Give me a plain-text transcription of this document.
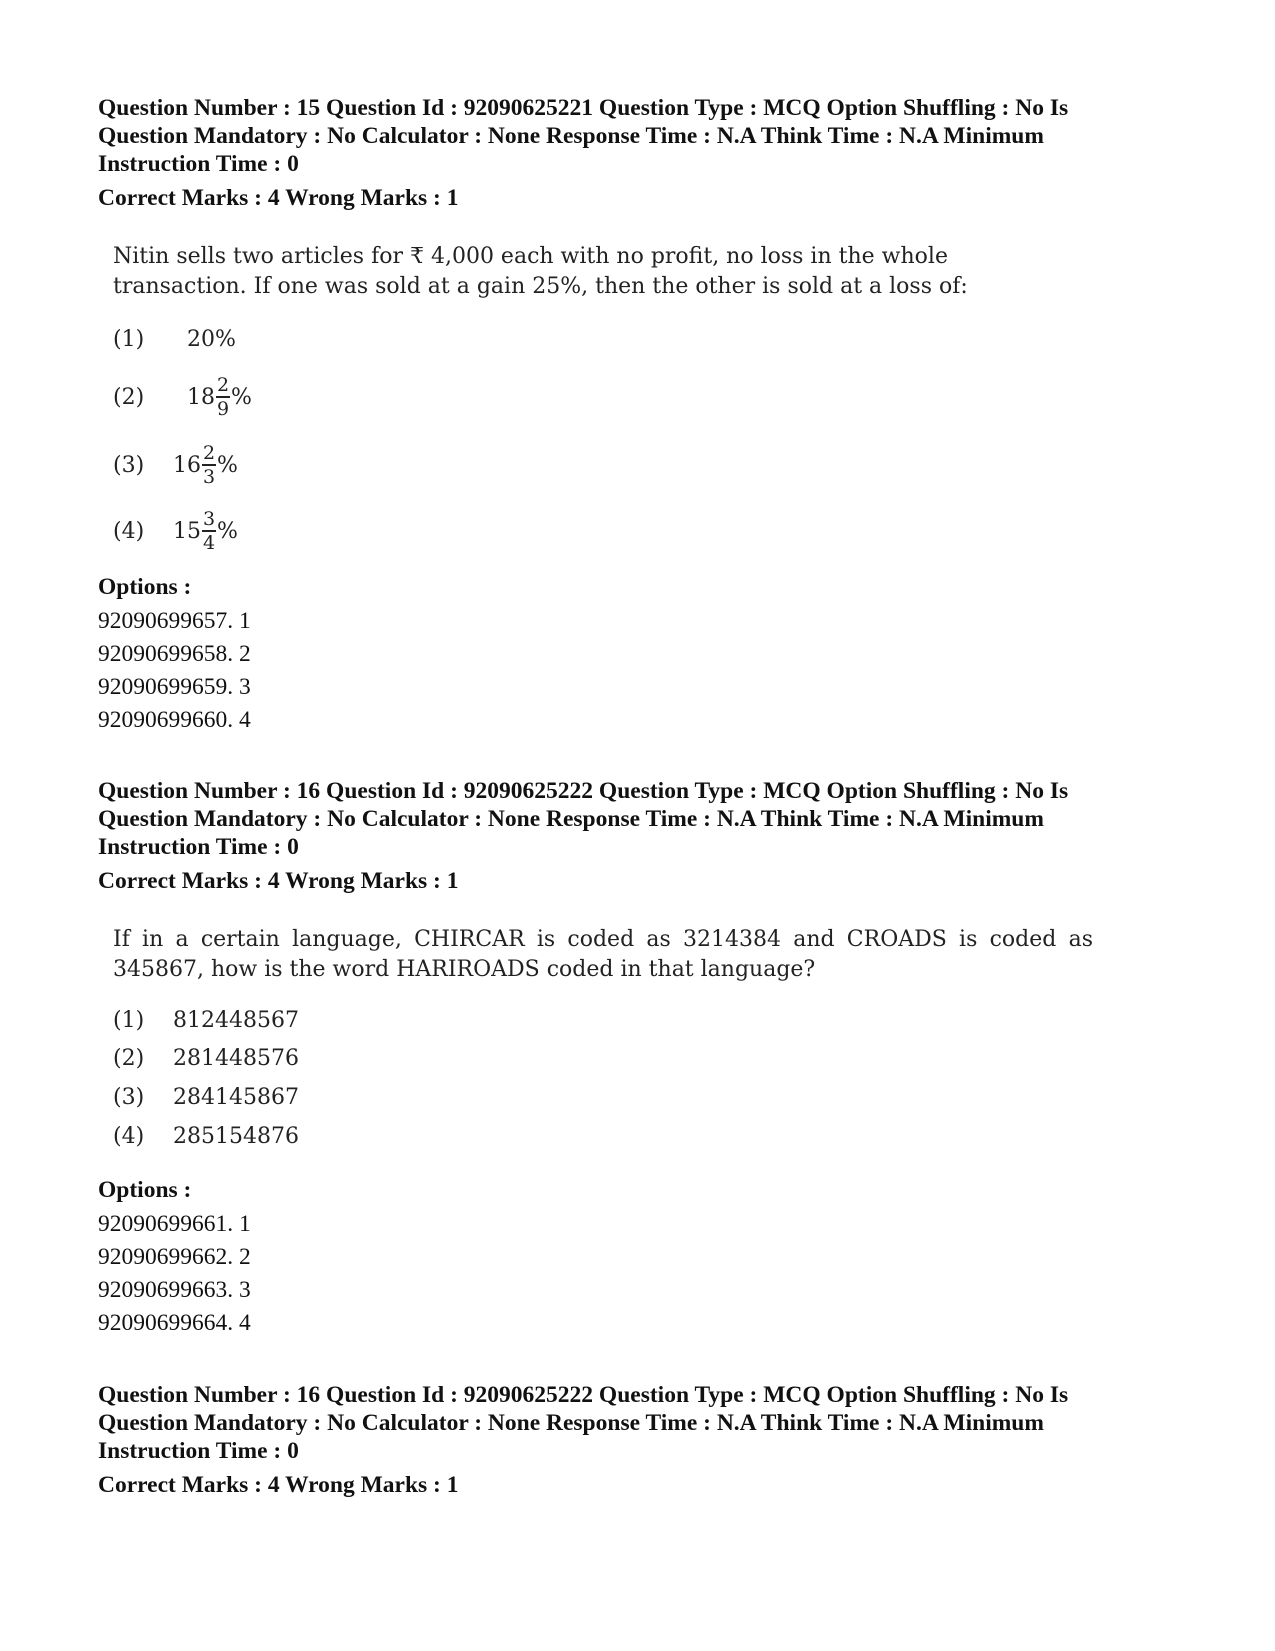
Question Number : 15 Question Id : 92090625221 Question Type : MCQ Option Shuffling : No Is Question Mandatory : No Calculator : None Response Time : N.A Think Time : N.A Minimum Instruction Time : 0
Correct Marks : 4 Wrong Marks : 1
Nitin sells two articles for ₹ 4,000 each with no profit, no loss in the whole
transaction. If one was sold at a gain 25%, then the other is sold at a loss of:
(1)	20%
(2)	$18 \frac{2}{9}$ %
(3)	$16 \frac{2}{3}$ %
(4)	$15 \frac{3}{4}$ %
Options :
92090699657. 1
92090699658. 2
92090699659. 3
92090699660. 4
Question Number : 16 Question Id : 92090625222 Question Type : MCQ Option Shuffling : No Is Question Mandatory : No Calculator : None Response Time : N.A Think Time : N.A Minimum Instruction Time : 0
Correct Marks : 4 Wrong Marks : 1
If in a certain language, CHIRCAR is coded as 3214384 and CROADS is coded as
345867, how is the word HARIROADS coded in that language?
(1)	812448567
(2)	281448576
(3)	284145867
(4)	285154876
Options :
92090699661. 1
92090699662. 2
92090699663. 3
92090699664. 4
Question Number : 16 Question Id : 92090625222 Question Type : MCQ Option Shuffling : No Is Question Mandatory : No Calculator : None Response Time : N.A Think Time : N.A Minimum Instruction Time : 0
Correct Marks : 4 Wrong Marks : 1
